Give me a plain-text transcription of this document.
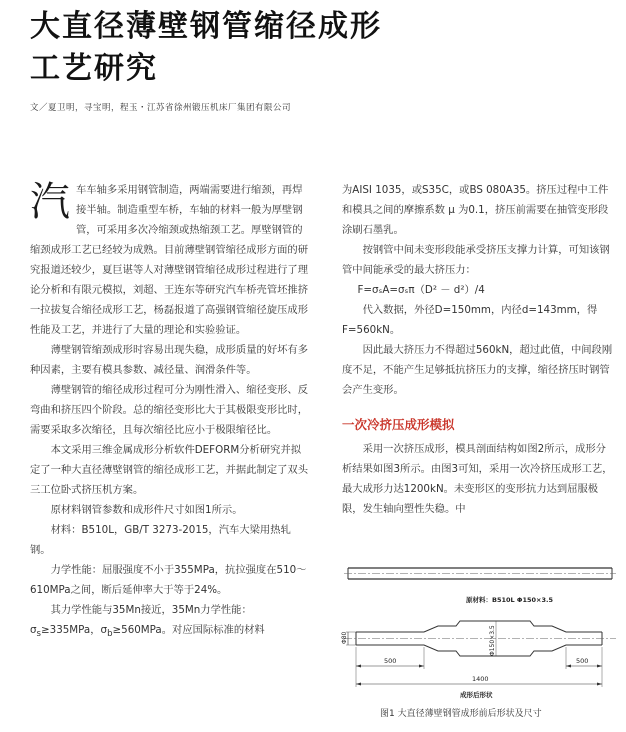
大直径薄壁钢管缩径成形
工艺研究
文／夏卫明，寻宝明，程玉・江苏省徐州锻压机床厂集团有限公司

汽车车轴多采用钢管制造，两端需要进行缩颈，再焊接半轴。制造重型车桥，车轴的材料一般为厚壁钢管，可采用多次冷缩颈或热缩颈工艺。厚壁钢管的缩颈成形工艺已经较为成熟。目前薄壁钢管缩径成形方面的研究报道还较少，夏巨谌等人对薄壁钢管缩径成形过程进行了理论分析和有限元模拟，刘超、王连东等研究汽车桥壳管坯推挤一拉拔复合缩径成形工艺，杨磊报道了高强钢管缩径旋压成形性能及工艺，并进行了大量的理论和实验验证。

薄壁钢管缩颈成形时容易出现失稳，成形质量的好坏有多种因素，主要有模具参数、减径量、润滑条件等。

薄壁钢管的缩径成形过程可分为刚性滑入、缩径变形、反弯曲和挤压四个阶段。总的缩径变形比大于其极限变形比时，需要采取多次缩径，且每次缩径比应小于极限缩径比。

本文采用三维金属成形分析软件DEFORM分析研究并拟定了一种大直径薄壁钢管的缩径成形工艺，并据此制定了双头三工位卧式挤压机方案。

原材料钢管参数和成形件尺寸如图1所示。

材料：B510L，GB/T 3273-2015，汽车大梁用热轧钢。

力学性能：屈服强度不小于355MPa，抗拉强度在510～610MPa之间，断后延伸率大于等于24%。

其力学性能与35Mn接近，35Mn力学性能：$\sigma_s\ge 335MPa$，$\sigma_b\ge 560MPa$。对应国际标准的材料

为AISI 1035，或S35C，或BS 080A35。挤压过程中工件和模具之间的摩擦系数 μ 为0.1，挤压前需要在抽管变形段涂刷石墨乳。

按钢管中间未变形段能承受挤压支撑力计算，可知该钢管中间能承受的最大挤压力：

F=σₛA=σₛπ（D² － d²）/4

代入数据，外径D=150mm，内径d=143mm，得F=560kN。

因此最大挤压力不得超过560kN，超过此值，中间段刚度不足，不能产生足够抵抗挤压力的支撑，缩径挤压时钢管会产生变形。

一次冷挤压成形模拟

采用一次挤压成形，模具剖面结构如图2所示，成形分析结果如图3所示。由图3可知，采用一次冷挤压成形工艺，最大成形力达1200kN。未变形区的变形抗力达到屈服极限，发生轴向塑性失稳。中

原材料：B510L Φ150×3.5
Φ80	Φ150×3.5
500	500
1400
成形后形状
图1 大直径薄壁钢管成形前后形状及尺寸
